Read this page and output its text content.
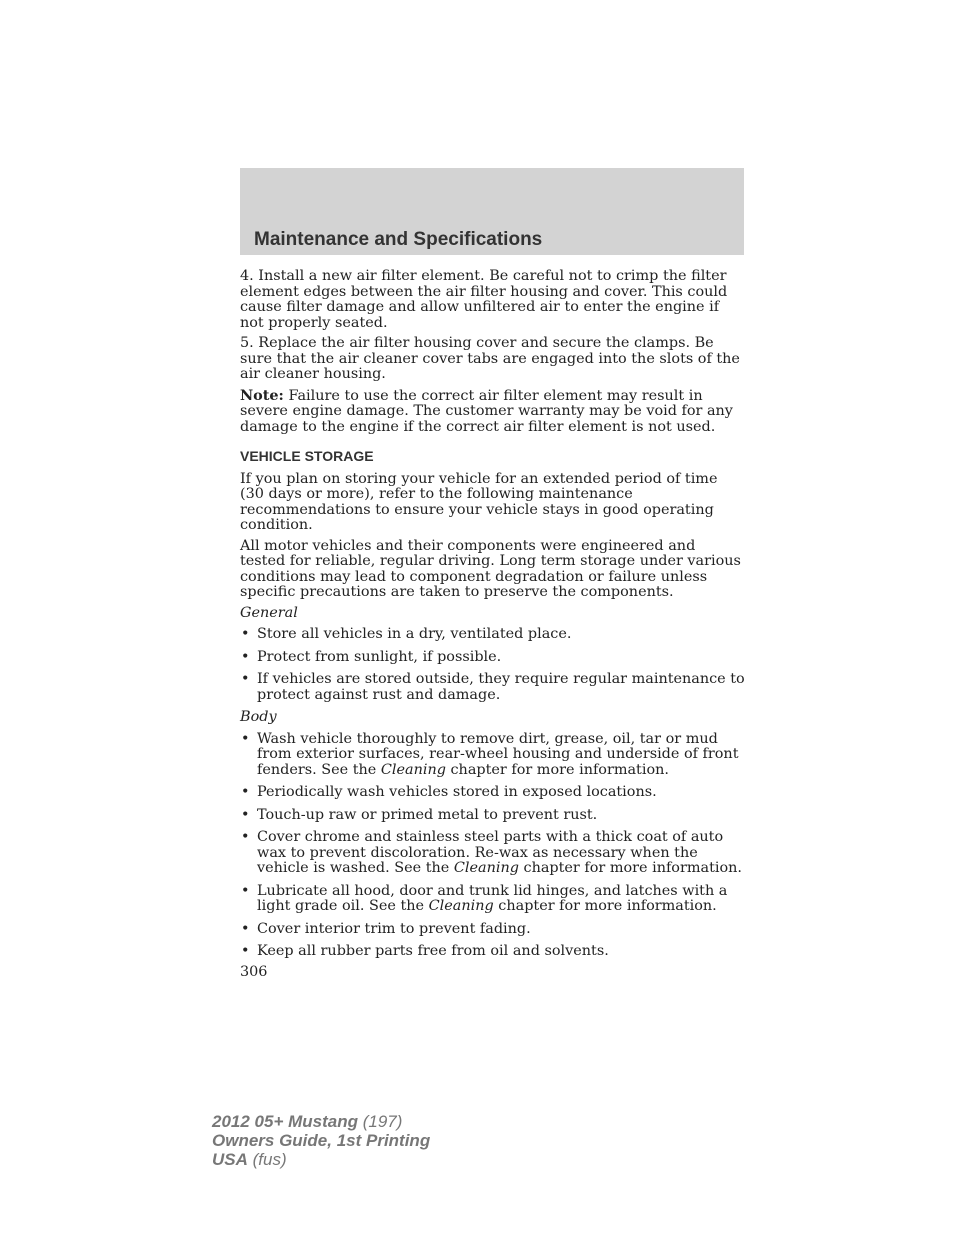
Maintenance and Specifications

4. Install a new air filter element. Be careful not to crimp the filter element edges between the air filter housing and cover. This could cause filter damage and allow unfiltered air to enter the engine if not properly seated.

5. Replace the air filter housing cover and secure the clamps. Be sure that the air cleaner cover tabs are engaged into the slots of the air cleaner housing.

Note: Failure to use the correct air filter element may result in severe engine damage. The customer warranty may be void for any damage to the engine if the correct air filter element is not used.

VEHICLE STORAGE

If you plan on storing your vehicle for an extended period of time (30 days or more), refer to the following maintenance recommendations to ensure your vehicle stays in good operating condition.

All motor vehicles and their components were engineered and tested for reliable, regular driving. Long term storage under various conditions may lead to component degradation or failure unless specific precautions are taken to preserve the components.

General

• Store all vehicles in a dry, ventilated place.
• Protect from sunlight, if possible.
• If vehicles are stored outside, they require regular maintenance to protect against rust and damage.

Body

• Wash vehicle thoroughly to remove dirt, grease, oil, tar or mud from exterior surfaces, rear-wheel housing and underside of front fenders. See the Cleaning chapter for more information.
• Periodically wash vehicles stored in exposed locations.
• Touch-up raw or primed metal to prevent rust.
• Cover chrome and stainless steel parts with a thick coat of auto wax to prevent discoloration. Re-wax as necessary when the vehicle is washed. See the Cleaning chapter for more information.
• Lubricate all hood, door and trunk lid hinges, and latches with a light grade oil. See the Cleaning chapter for more information.
• Cover interior trim to prevent fading.
• Keep all rubber parts free from oil and solvents.

306

2012 05+ Mustang (197)
Owners Guide, 1st Printing
USA (fus)
